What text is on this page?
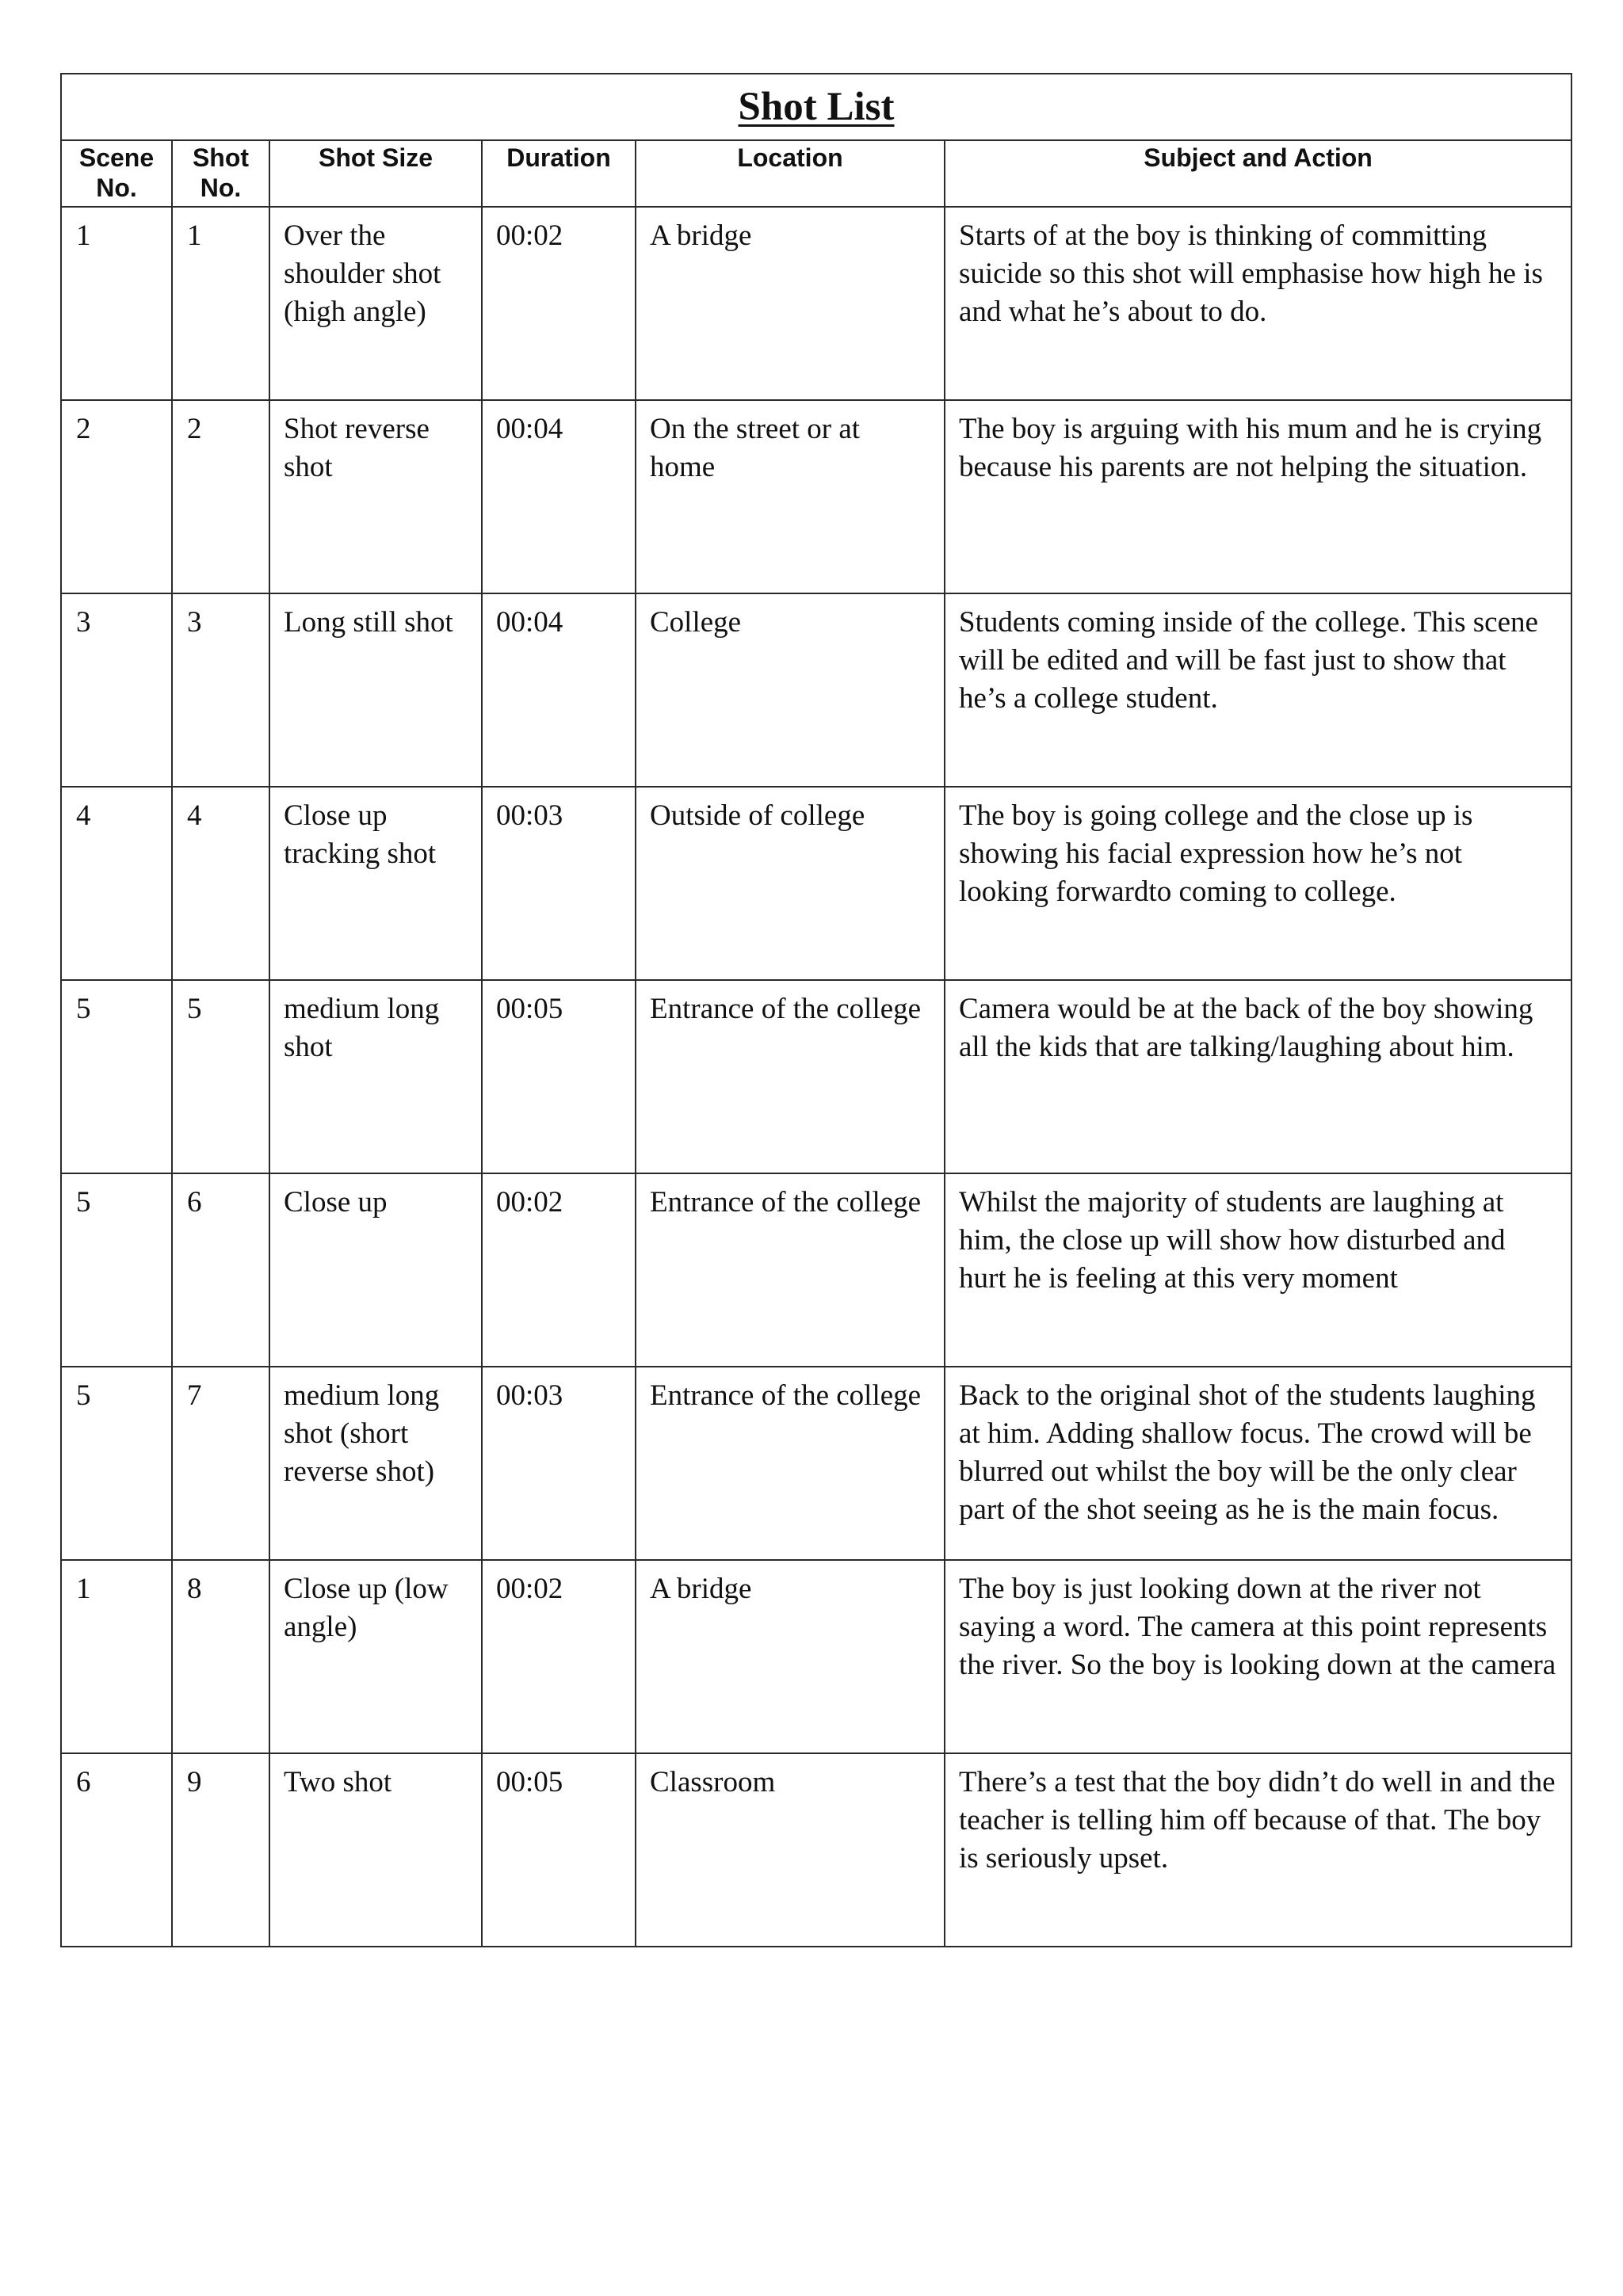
Shot List					

Scene No.	Shot No.	Shot Size	Duration	Location	Subject and Action

1	1	Over the shoulder shot (high angle)	00:02	A bridge	Starts of at the boy is thinking of committing suicide so this shot will emphasise how high he is and what he’s about to do.
2	2	Shot reverse shot	00:04	On the street or at home	The boy is arguing with his mum and he is crying because his parents are not helping the situation.
3	3	Long still shot	00:04	College	Students coming inside of the college. This scene will be edited and will be fast just to show that he’s a college student.
4	4	Close up tracking shot	00:03	Outside of college	The boy is going college and the close up is showing his facial expression how he’s not looking forwardto coming to college.
5	5	medium long shot	00:05	Entrance of the college	Camera would be at the back of the boy showing all the kids that are talking/laughing about him.
5	6	Close up	00:02	Entrance of the college	Whilst the majority of students are laughing at him, the close up will show how disturbed and hurt he is feeling at this very moment
5	7	medium long shot (short reverse shot)	00:03	Entrance of the college	Back to the original shot of the students laughing at him. Adding shallow focus. The crowd will be blurred out whilst the boy will be the only clear part of the shot seeing as he is the main focus.
1	8	Close up (low angle)	00:02	A bridge	The boy is just looking down at the river not saying a word. The camera at this point represents the river. So the boy is looking down at the camera
6	9	Two shot	00:05	Classroom	There’s a test that the boy didn’t do well in and the teacher is telling him off because of that. The boy is seriously upset.
